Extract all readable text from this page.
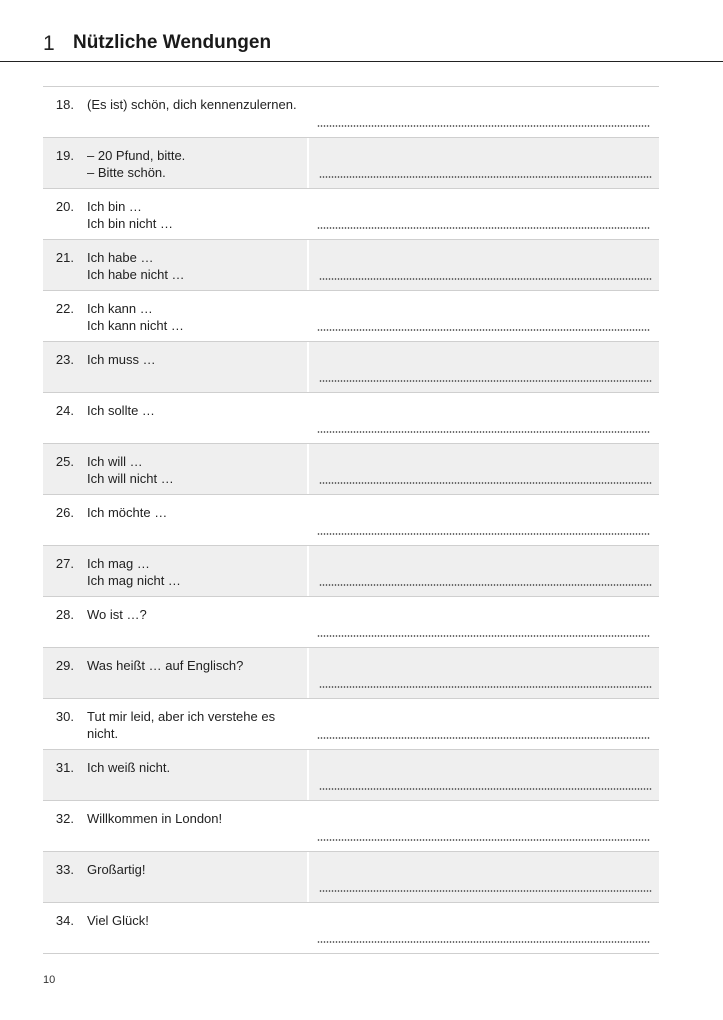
1 Nützliche Wendungen
18. (Es ist) schön, dich kennenzulernen.
19. – 20 Pfund, bitte.
– Bitte schön.
20. Ich bin …
Ich bin nicht …
21. Ich habe …
Ich habe nicht …
22. Ich kann …
Ich kann nicht …
23. Ich muss …
24. Ich sollte …
25. Ich will …
Ich will nicht …
26. Ich möchte …
27. Ich mag …
Ich mag nicht …
28. Wo ist …?
29. Was heißt … auf Englisch?
30. Tut mir leid, aber ich verstehe es
nicht.
31. Ich weiß nicht.
32. Willkommen in London!
33. Großartig!
34. Viel Glück!
10
